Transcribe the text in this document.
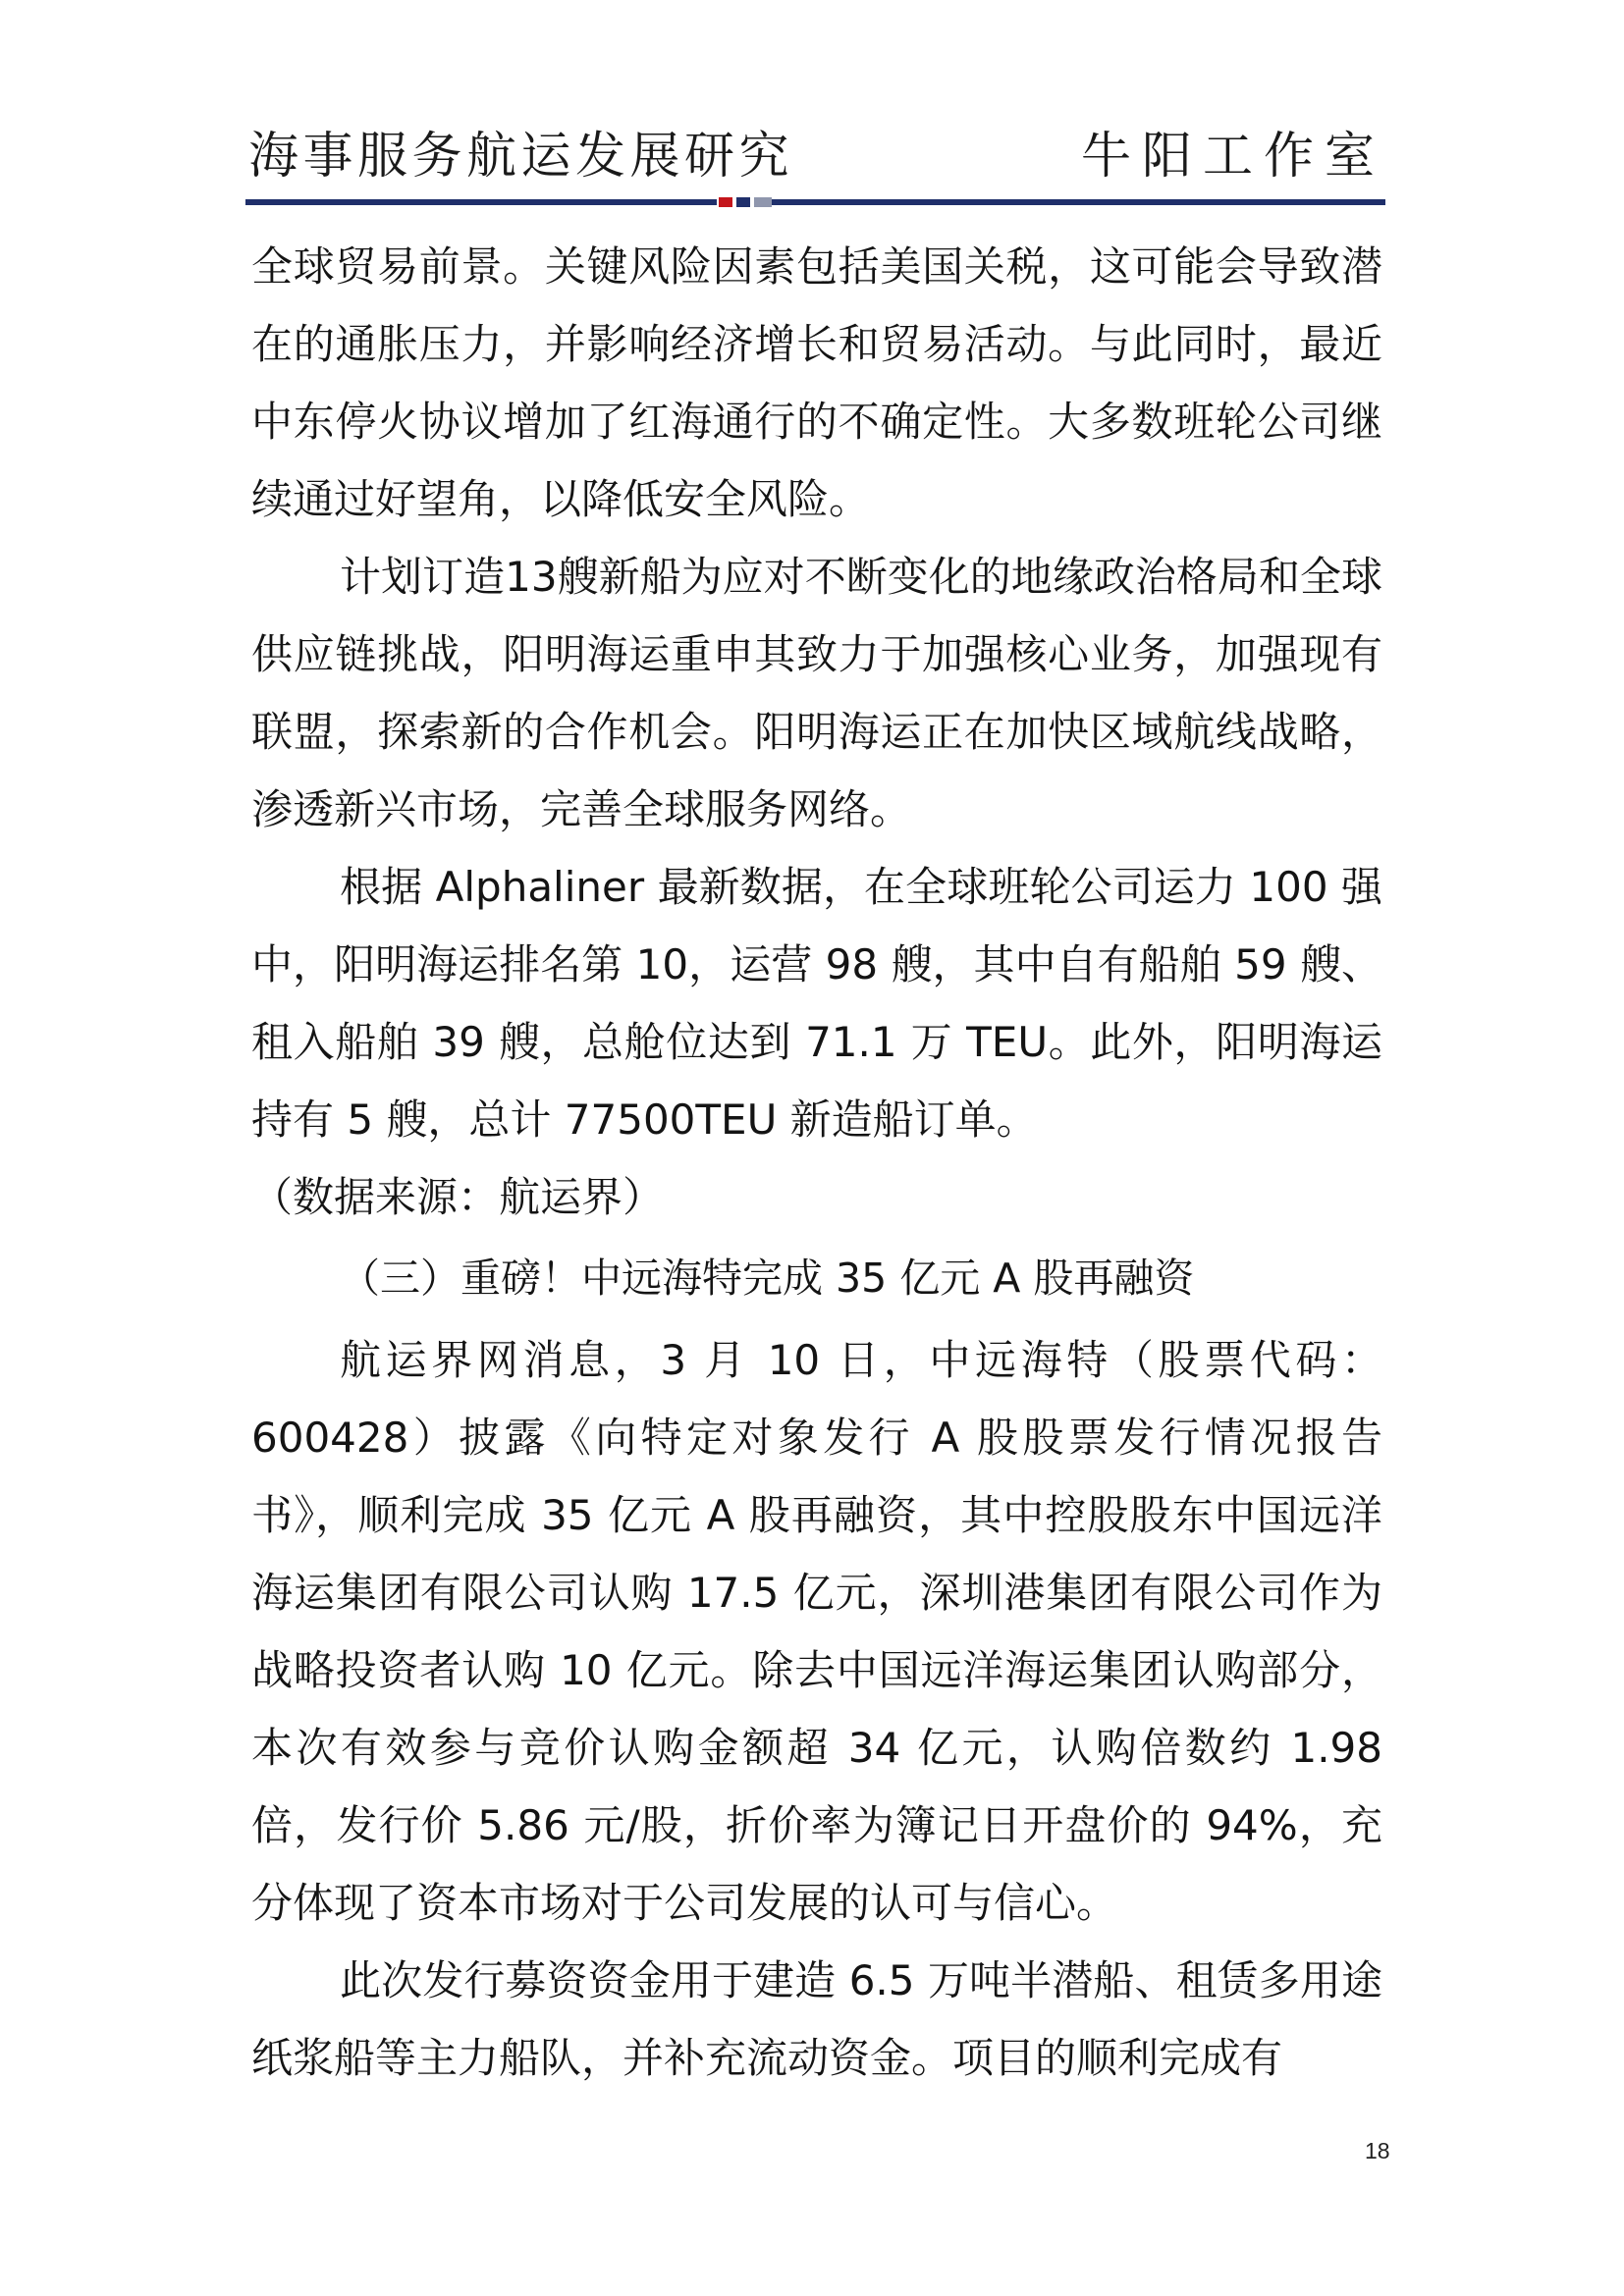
海事服务航运发展研究	牛阳工作室

全球贸易前景。关键风险因素包括美国关税，这可能会导致潜在的通胀压力，并影响经济增长和贸易活动。与此同时，最近中东停火协议增加了红海通行的不确定性。大多数班轮公司继续通过好望角，以降低安全风险。

计划订造13艘新船为应对不断变化的地缘政治格局和全球供应链挑战，阳明海运重申其致力于加强核心业务，加强现有联盟，探索新的合作机会。阳明海运正在加快区域航线战略，渗透新兴市场，完善全球服务网络。

根据 Alphaliner 最新数据，在全球班轮公司运力 100 强中，阳明海运排名第 10，运营 98 艘，其中自有船舶 59 艘、租入船舶 39 艘，总舱位达到 71.1 万 TEU。此外，阳明海运持有 5 艘，总计 77500TEU 新造船订单。

（数据来源：航运界）

（三）重磅！中远海特完成 35 亿元 A 股再融资

航运界网消息，3 月 10 日，中远海特（股票代码：600428）披露《向特定对象发行 A 股股票发行情况报告书》，顺利完成 35 亿元 A 股再融资，其中控股股东中国远洋海运集团有限公司认购 17.5 亿元，深圳港集团有限公司作为战略投资者认购 10 亿元。除去中国远洋海运集团认购部分，本次有效参与竞价认购金额超 34 亿元，认购倍数约 1.98 倍，发行价 5.86 元/股，折价率为簿记日开盘价的 94%，充分体现了资本市场对于公司发展的认可与信心。

此次发行募资资金用于建造 6.5 万吨半潜船、租赁多用途纸浆船等主力船队，并补充流动资金。项目的顺利完成有

18
